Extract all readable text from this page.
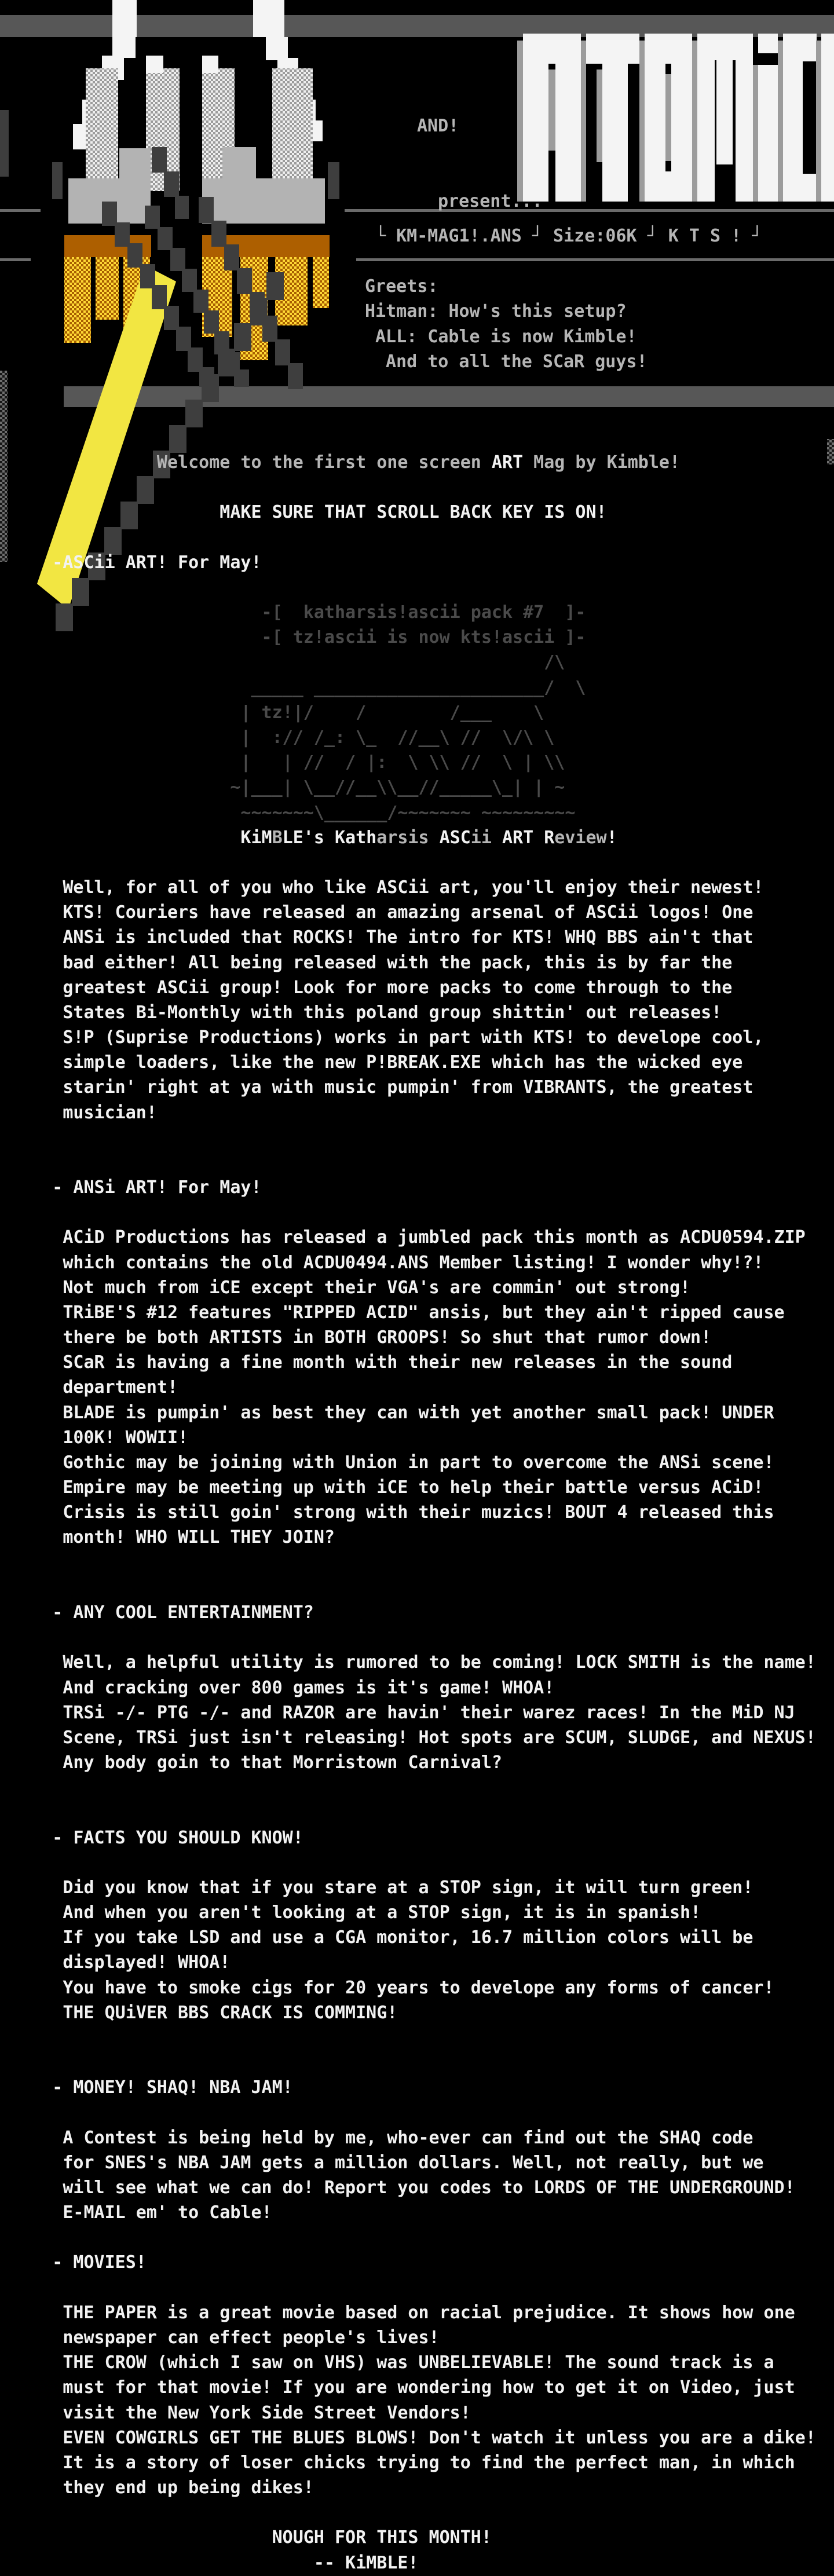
AND!
present...
└ KM-MAG1!.ANS ┘ Size:06K ┘ K T S ! ┘
Greets:
Hitman: How's this setup?
ALL: Cable is now Kimble!
And to all the SCaR guys!
Welcome to the first one screen ART Mag by Kimble!
MAKE SURE THAT SCROLL BACK KEY IS ON!
-ASCii ART! For May!
-[  katharsis!ascii pack #7  ]-
-[ tz!ascii is now kts!ascii ]-
/\
_____ ______________________/  \
| tz!|/    /        /___    \
|  :// /_: \_  //__\ //  \/\ \
|   | //  / |:  \ \\ //  \ | \\
~|___| \__//__\\__//_____\_| | ~
~~~~~~~\______/~~~~~~~ ~~~~~~~~~
KiMBLE's Katharsis ASCii ART Review!
Well, for all of you who like ASCii art, you'll enjoy their newest!
KTS! Couriers have released an amazing arsenal of ASCii logos! One
ANSi is included that ROCKS! The intro for KTS! WHQ BBS ain't that
bad either! All being released with the pack, this is by far the
greatest ASCii group! Look for more packs to come through to the
States Bi-Monthly with this poland group shittin' out releases!
S!P (Suprise Productions) works in part with KTS! to develope cool,
simple loaders, like the new P!BREAK.EXE which has the wicked eye
starin' right at ya with music pumpin' from VIBRANTS, the greatest
musician!
- ANSi ART! For May!
ACiD Productions has released a jumbled pack this month as ACDU0594.ZIP
which contains the old ACDU0494.ANS Member listing! I wonder why!?!
Not much from iCE except their VGA's are commin' out strong!
TRiBE'S #12 features "RIPPED ACID" ansis, but they ain't ripped cause
there be both ARTISTS in BOTH GROOPS! So shut that rumor down!
SCaR is having a fine month with their new releases in the sound
department!
BLADE is pumpin' as best they can with yet another small pack! UNDER
100K! WOWII!
Gothic may be joining with Union in part to overcome the ANSi scene!
Empire may be meeting up with iCE to help their battle versus ACiD!
Crisis is still goin' strong with their muzics! BOUT 4 released this
month! WHO WILL THEY JOIN?
- ANY COOL ENTERTAINMENT?
Well, a helpful utility is rumored to be coming! LOCK SMITH is the name!
And cracking over 800 games is it's game! WHOA!
TRSi -/- PTG -/- and RAZOR are havin' their warez races! In the MiD NJ
Scene, TRSi just isn't releasing! Hot spots are SCUM, SLUDGE, and NEXUS!
Any body goin to that Morristown Carnival?
- FACTS YOU SHOULD KNOW!
Did you know that if you stare at a STOP sign, it will turn green!
And when you aren't looking at a STOP sign, it is in spanish!
If you take LSD and use a CGA monitor, 16.7 million colors will be
displayed! WHOA!
You have to smoke cigs for 20 years to develope any forms of cancer!
THE QUiVER BBS CRACK IS COMMING!
- MONEY! SHAQ! NBA JAM!
A Contest is being held by me, who-ever can find out the SHAQ code
for SNES's NBA JAM gets a million dollars. Well, not really, but we
will see what we can do! Report you codes to LORDS OF THE UNDERGROUND!
E-MAIL em' to Cable!
- MOVIES!
THE PAPER is a great movie based on racial prejudice. It shows how one
newspaper can effect people's lives!
THE CROW (which I saw on VHS) was UNBELIEVABLE! The sound track is a
must for that movie! If you are wondering how to get it on Video, just
visit the New York Side Street Vendors!
EVEN COWGIRLS GET THE BLUES BLOWS! Don't watch it unless you are a dike!
It is a story of loser chicks trying to find the perfect man, in which
they end up being dikes!
NOUGH FOR THIS MONTH!
-- KiMBLE!
